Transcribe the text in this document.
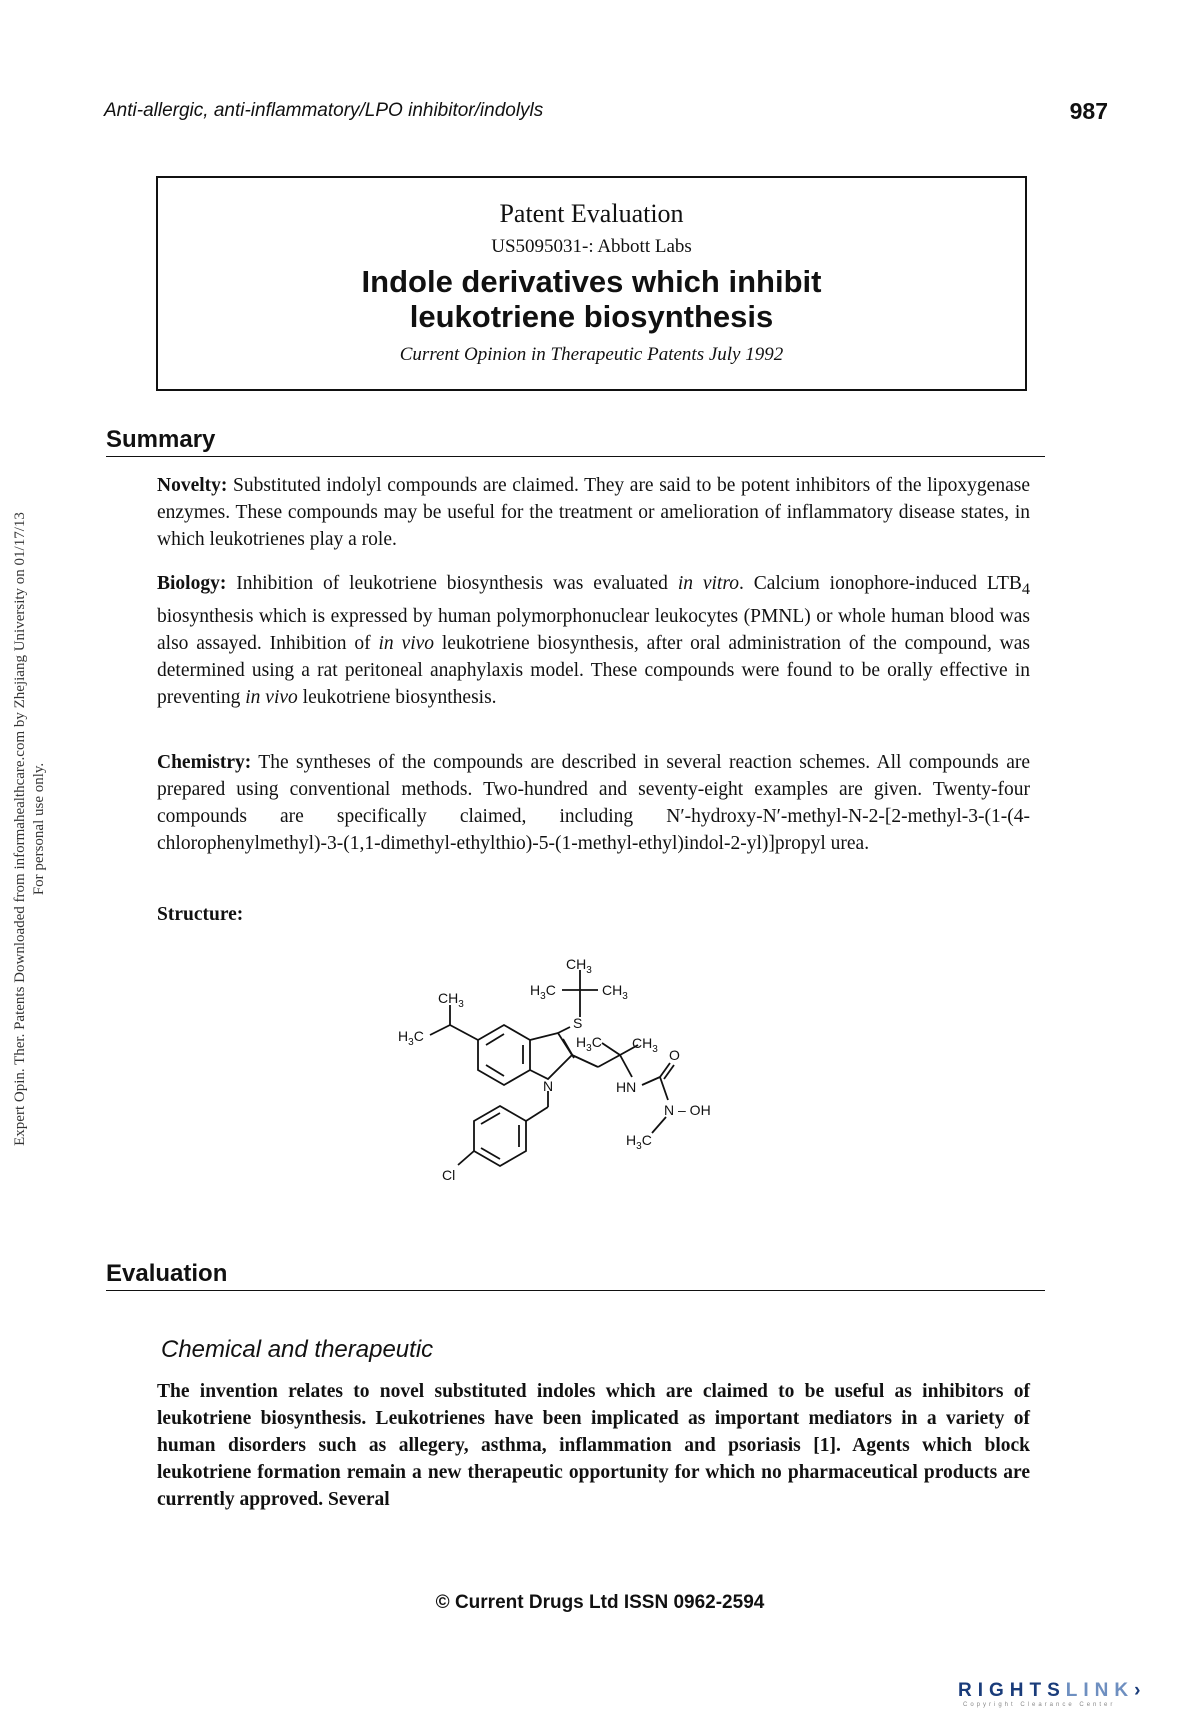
Anti-allergic, anti-inflammatory/LPO inhibitor/indolyls	987
Patent Evaluation
US5095031-: Abbott Labs
Indole derivatives which inhibit
leukotriene biosynthesis
Current Opinion in Therapeutic Patents July 1992
Summary
Novelty: Substituted indolyl compounds are claimed. They are said to be potent inhibitors of the lipoxygenase enzymes. These compounds may be useful for the treatment or amelioration of inflammatory disease states, in which leukotrienes play a role.
Biology: Inhibition of leukotriene biosynthesis was evaluated in vitro. Calcium ionophore-induced $LTB_4$ biosynthesis which is expressed by human polymorphonuclear leukocytes (PMNL) or whole human blood was also assayed. Inhibition of in vivo leukotriene biosynthesis, after oral administration of the compound, was determined using a rat peritoneal anaphylaxis model. These compounds were found to be orally effective in preventing in vivo leukotriene biosynthesis.
Chemistry: The syntheses of the compounds are described in several reaction schemes. All compounds are prepared using conventional methods. Two-hundred and seventy-eight examples are given. Twenty-four compounds are specifically claimed, including N′-hydroxy-N′-methyl-N-2-[2-methyl-3-(1-(4-chlorophenylmethyl)-3-(1,1-dimethyl-ethylthio)-5-(1-methyl-ethyl)indol-2-yl)]propyl urea.
Structure:
$CH_3$
$H_3C$
N
S
$CH_3$
$H_3C$	$CH_3$
$H_3C$ $CH_3$ O
HN
N – OH
$H_3C$
Cl
Evaluation
Chemical and therapeutic
The invention relates to novel substituted indoles which are claimed to be useful as inhibitors of leukotriene biosynthesis. Leukotrienes have been implicated as important mediators in a variety of human disorders such as allegery, asthma, inflammation and psoriasis [1]. Agents which block leukotriene formation remain a new therapeutic opportunity for which no pharmaceutical products are currently approved. Several
Expert Opin. Ther. Patents Downloaded from informahealthcare.com by Zhejiang University on 01/17/13 For personal use only.
© Current Drugs Ltd ISSN 0962-2594
RIGHTSLINK›
Copyright Clearance Center
